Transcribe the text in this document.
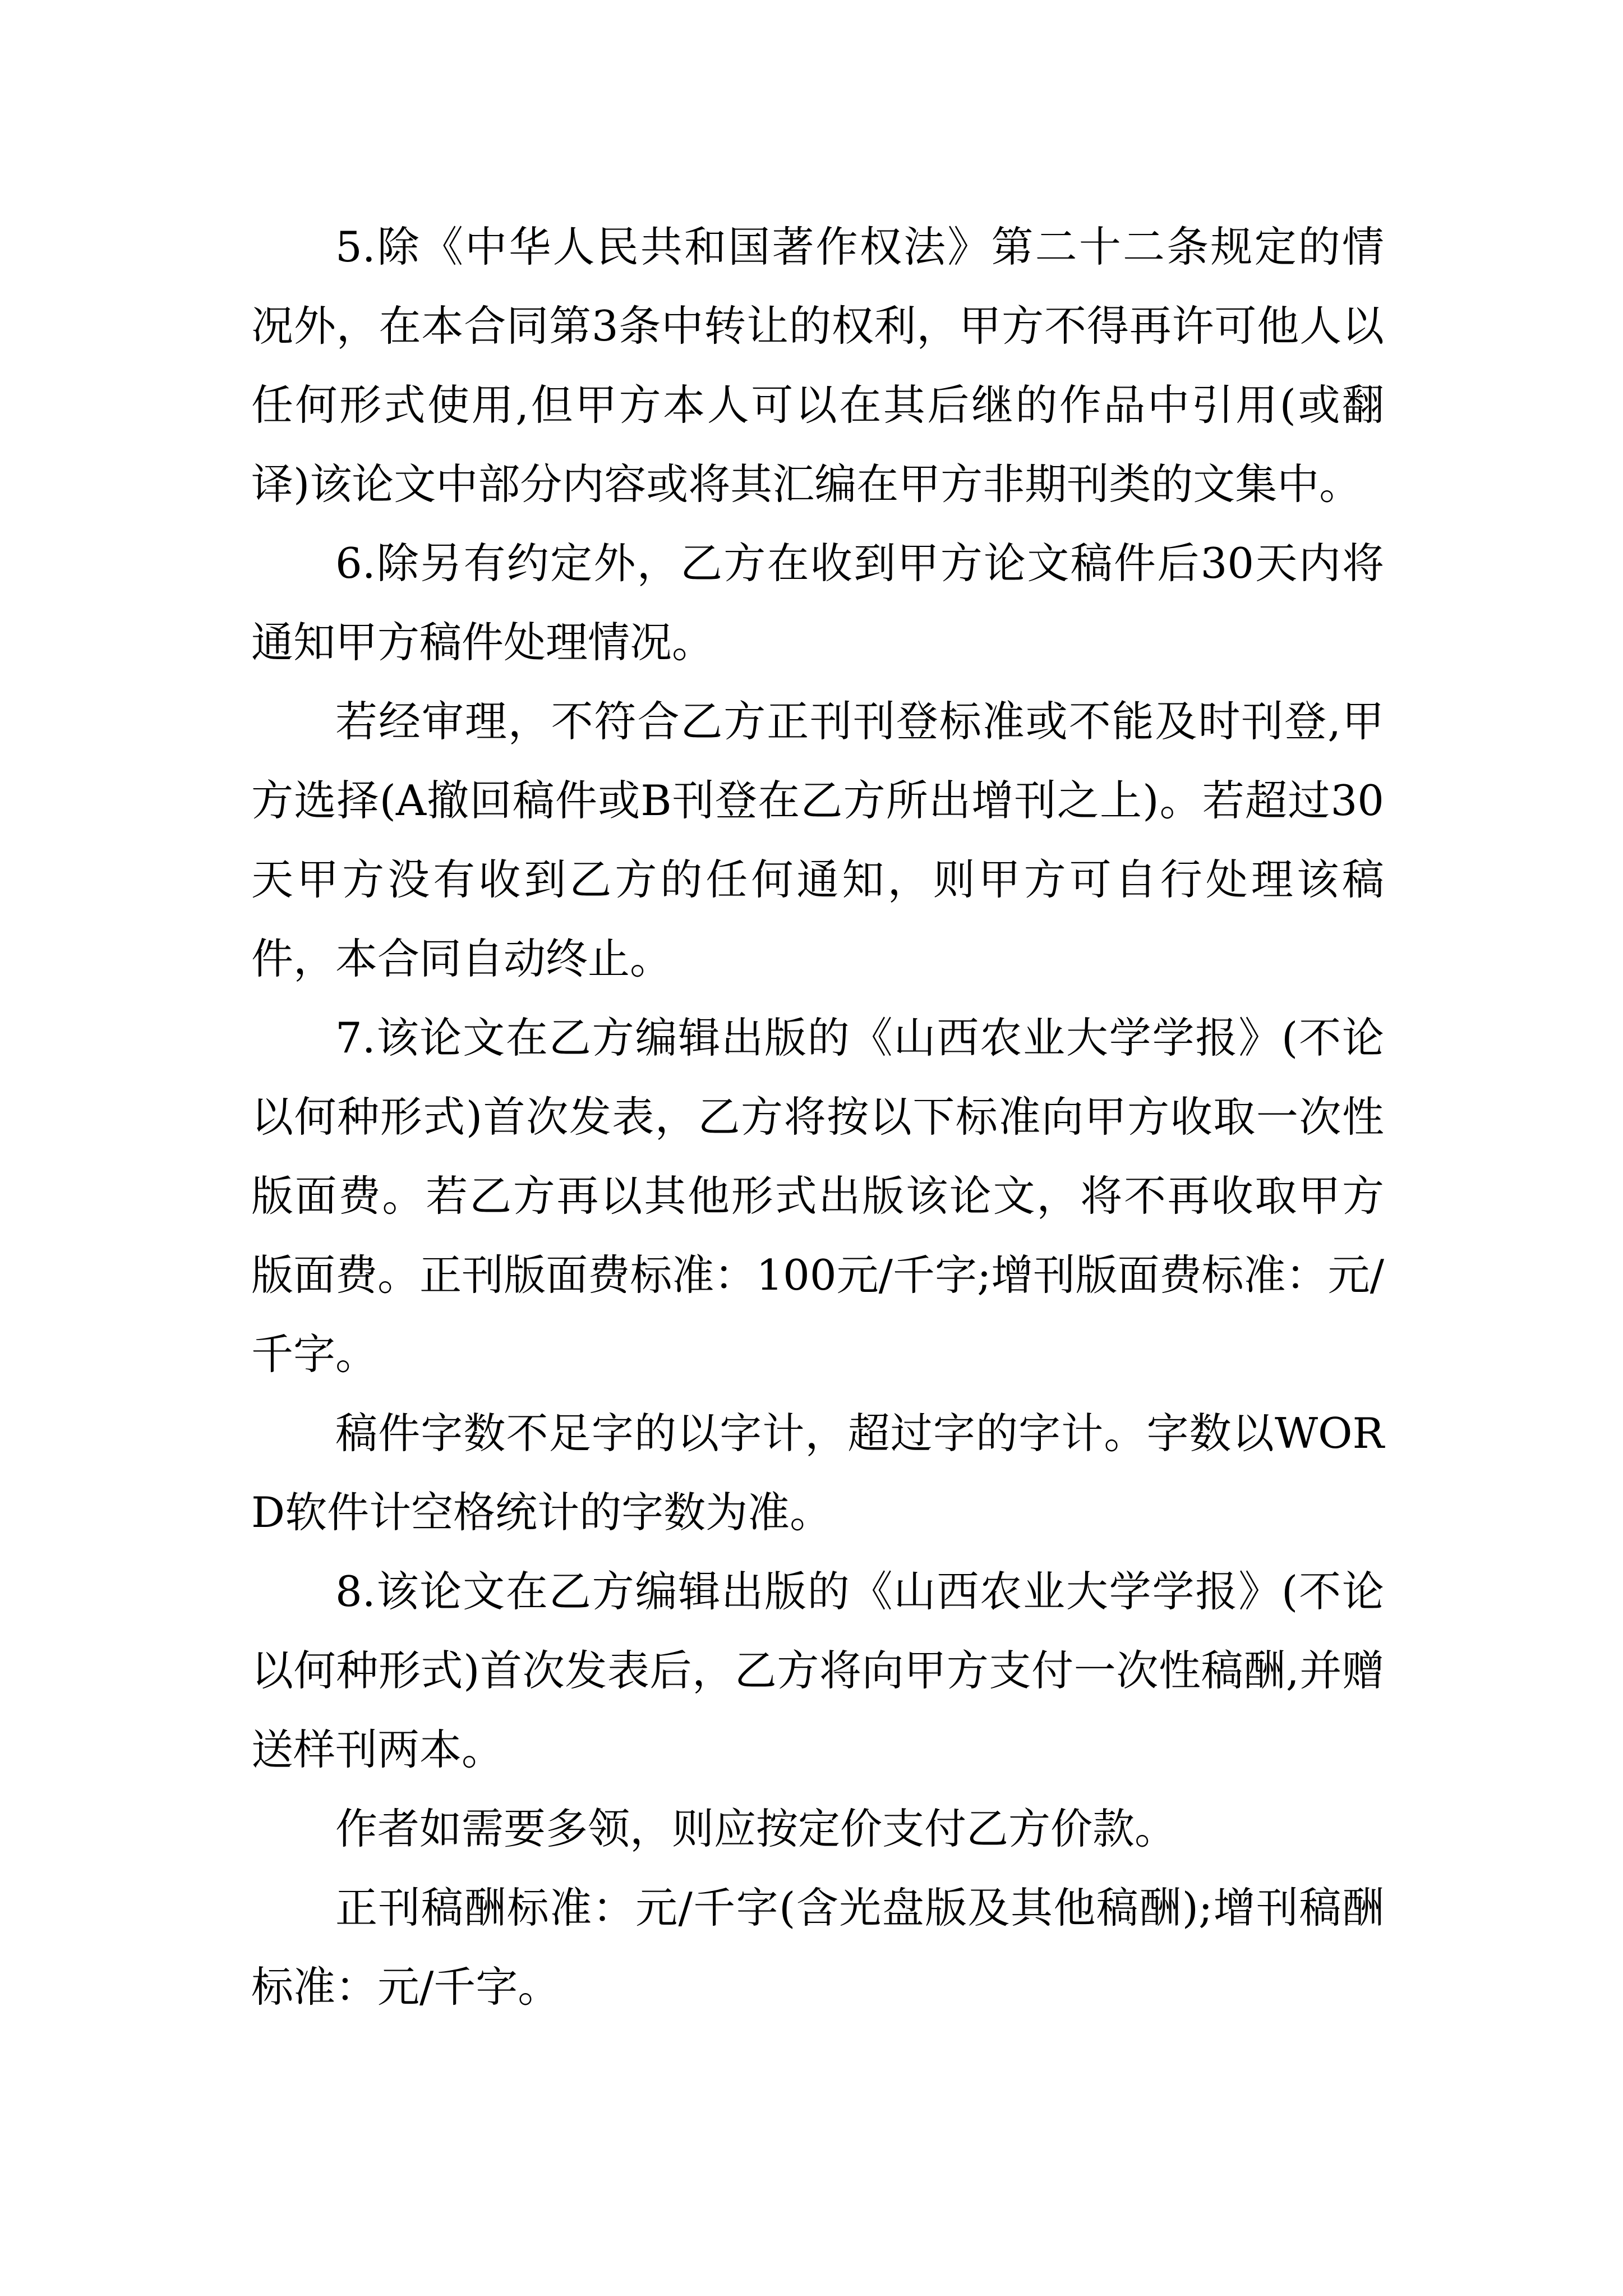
5.除《中华人民共和国著作权法》第二十二条规定的情况外，在本合同第3条中转让的权利，甲方不得再许可他人以任何形式使用,但甲方本人可以在其后继的作品中引用(或翻译)该论文中部分内容或将其汇编在甲方非期刊类的文集中。

6.除另有约定外，乙方在收到甲方论文稿件后30天内将通知甲方稿件处理情况。

若经审理，不符合乙方正刊刊登标准或不能及时刊登,甲方选择(A撤回稿件或B刊登在乙方所出增刊之上)。若超过30天甲方没有收到乙方的任何通知，则甲方可自行处理该稿件，本合同自动终止。

7.该论文在乙方编辑出版的《山西农业大学学报》(不论以何种形式)首次发表，乙方将按以下标准向甲方收取一次性版面费。若乙方再以其他形式出版该论文，将不再收取甲方版面费。正刊版面费标准：100元/千字;增刊版面费标准：元/千字。

稿件字数不足字的以字计，超过字的字计。字数以WORD软件计空格统计的字数为准。

8.该论文在乙方编辑出版的《山西农业大学学报》(不论以何种形式)首次发表后，乙方将向甲方支付一次性稿酬,并赠送样刊两本。

作者如需要多领，则应按定价支付乙方价款。

正刊稿酬标准：元/千字(含光盘版及其他稿酬);增刊稿酬标准：元/千字。
